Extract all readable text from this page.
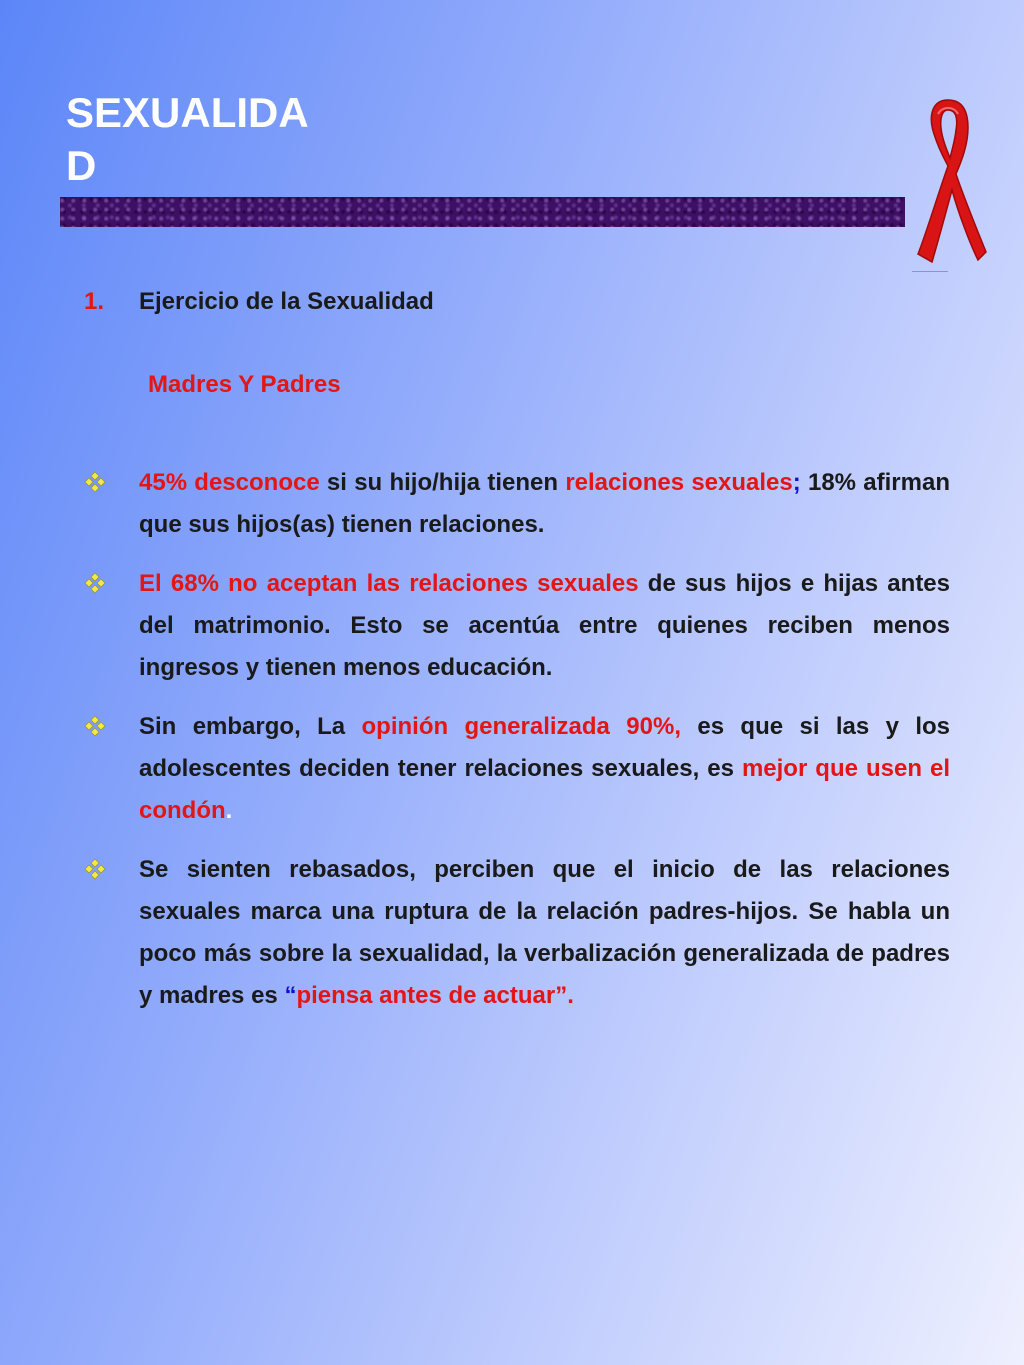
SEXUALIDAD
1. Ejercicio de la Sexualidad
Madres Y Padres
45% desconoce si su hijo/hija tienen relaciones sexuales; 18% afirman que sus hijos(as) tienen relaciones.
El 68% no aceptan las relaciones sexuales de sus hijos e hijas antes del matrimonio. Esto se acentúa entre quienes reciben menos ingresos y tienen menos educación.
Sin embargo, La opinión generalizada 90%, es que si las y los adolescentes deciden tener relaciones sexuales, es mejor que usen el condón.
Se sienten rebasados, perciben que el inicio de las relaciones sexuales marca una ruptura de la relación padres-hijos. Se habla un poco más sobre la sexualidad, la verbalización generalizada de padres y madres es “piensa antes de actuar”.
